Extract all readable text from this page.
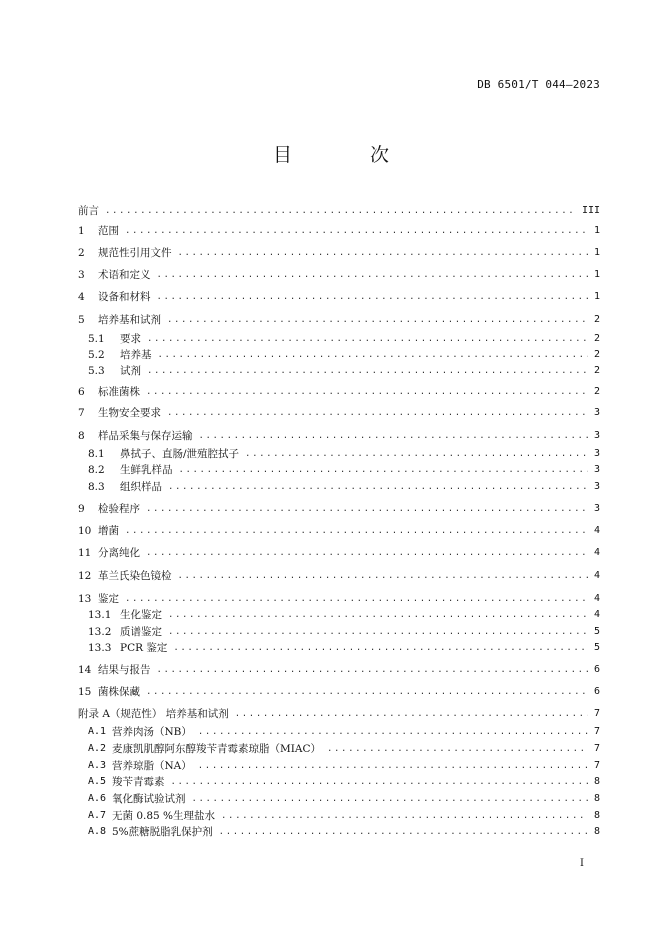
DB 6501/T 044—2023
目 次
前言 .....	III
1	范围 .....	1
2	规范性引用文件 .....	1
3	术语和定义 .....	1
4	设备和材料 .....	1
5	培养基和试剂 .....	2
5.1	要求 .....	2
5.2	培养基 .....	2
5.3	试剂 .....	2
6	标准菌株 .....	2
7	生物安全要求 .....	3
8	样品采集与保存运输 .....	3
8.1	鼻拭子、直肠/泄殖腔拭子 .....	3
8.2	生鲜乳样品 .....	3
8.3	组织样品 .....	3
9	检验程序 .....	3
10 增菌 .....	4
11 分离纯化 .....	4
12 革兰氏染色镜检 .....	4
13 鉴定 .....	4
13.1 生化鉴定 .....	4
13.2 质谱鉴定 .....	5
13.3 PCR 鉴定 .....	5
14 结果与报告 .....	6
15 菌株保藏 .....	6
附录 A（规范性） 培养基和试剂 .....	7
A.1 营养肉汤（NB） .....	7
A.2 麦康凯肌醇阿东醇羧苄青霉素琼脂（MIAC） .....	7
A.3 营养琼脂（NA） .....	7
A.5 羧苄青霉素 .....	8
A.6 氧化酶试验试剂 .....	8
A.7 无菌 0.85 %生理盐水 .....	8
A.8 5%蔗糖脱脂乳保护剂 .....	8
I
